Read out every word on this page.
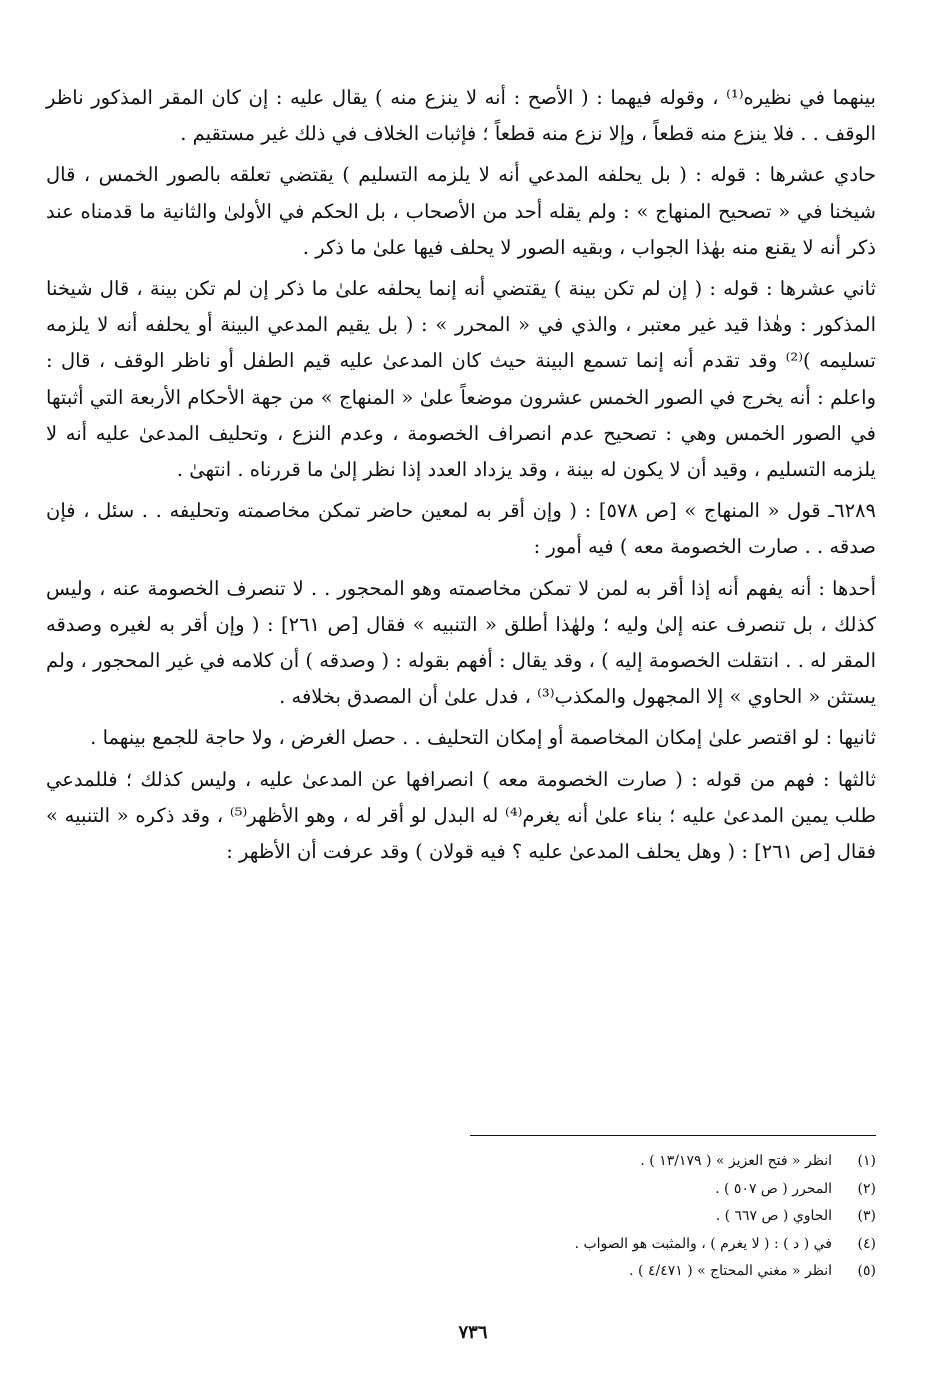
بينهما في نظيره⁽¹⁾ ، وقوله فيهما : ( الأصح : أنه لا ينزع منه ) يقال عليه : إن كان المقر المذكور ناظر الوقف . . فلا ينزع منه قطعاً ، وإلا نزع منه قطعاً ؛ فإثبات الخلاف في ذلك غير مستقيم .

حادي عشرها : قوله : ( بل يحلفه المدعي أنه لا يلزمه التسليم ) يقتضي تعلقه بالصور الخمس ، قال شيخنا في « تصحيح المنهاج » : ولم يقله أحد من الأصحاب ، بل الحكم في الأولىٰ والثانية ما قدمناه عند ذكر أنه لا يقنع منه بهٰذا الجواب ، وبقيه الصور لا يحلف فيها علىٰ ما ذكر .

ثاني عشرها : قوله : ( إن لم تكن بينة ) يقتضي أنه إنما يحلفه علىٰ ما ذكر إن لم تكن بينة ، قال شيخنا المذكور : وهٰذا قيد غير معتبر ، والذي في « المحرر » : ( بل يقيم المدعي البينة أو يحلفه أنه لا يلزمه تسليمه )⁽²⁾ وقد تقدم أنه إنما تسمع البينة حيث كان المدعىٰ عليه قيم الطفل أو ناظر الوقف ، قال : واعلم : أنه يخرج في الصور الخمس عشرون موضعاً علىٰ « المنهاج » من جهة الأحكام الأربعة التي أثبتها في الصور الخمس وهي : تصحيح عدم انصراف الخصومة ، وعدم النزع ، وتحليف المدعىٰ عليه أنه لا يلزمه التسليم ، وقيد أن لا يكون له بينة ، وقد يزداد العدد إذا نظر إلىٰ ما قررناه . انتهىٰ .

٦٢٨٩ـ قول « المنهاج » [ص ٥٧٨] : ( وإن أقر به لمعين حاضر تمكن مخاصمته وتحليفه . . سئل ، فإن صدقه . . صارت الخصومة معه ) فيه أمور :

أحدها : أنه يفهم أنه إذا أقر به لمن لا تمكن مخاصمته وهو المحجور . . لا تنصرف الخصومة عنه ، وليس كذلك ، بل تنصرف عنه إلىٰ وليه ؛ ولهٰذا أطلق « التنبيه » فقال [ص ٢٦١] : ( وإن أقر به لغيره وصدقه المقر له . . انتقلت الخصومة إليه ) ، وقد يقال : أفهم بقوله : ( وصدقه ) أن كلامه في غير المحجور ، ولم يستثن « الحاوي » إلا المجهول والمكذب⁽³⁾ ، فدل علىٰ أن المصدق بخلافه .

ثانيها : لو اقتصر علىٰ إمكان المخاصمة أو إمكان التحليف . . حصل الغرض ، ولا حاجة للجمع بينهما .

ثالثها : فهم من قوله : ( صارت الخصومة معه ) انصرافها عن المدعىٰ عليه ، وليس كذلك ؛ فللمدعي طلب يمين المدعىٰ عليه ؛ بناء علىٰ أنه يغرم⁽⁴⁾ له البدل لو أقر له ، وهو الأظهر⁽⁵⁾ ، وقد ذكره « التنبيه » فقال [ص ٢٦١] : ( وهل يحلف المدعىٰ عليه ؟ فيه قولان ) وقد عرفت أن الأظهر :

(١)
انظر « فتح العزيز » ( ١٣/١٧٩ ) .
(٢)
المحرر ( ص ٥٠٧ ) .
(٣)
الحاوي ( ص ٦٦٧ ) .
(٤)
في ( د ) : ( لا يغرم ) ، والمثبت هو الصواب .
(٥)
انظر « مغني المحتاج » ( ٤/٤٧١ ) .
٧٣٦
